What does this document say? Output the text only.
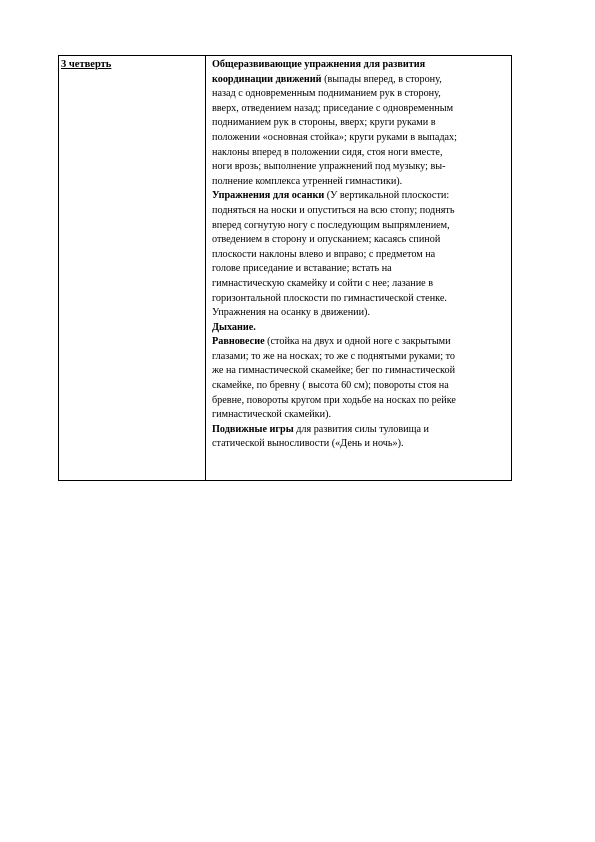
3 четверть	Общеразвивающие упражнения для развития
координации движений (выпады вперед, в сторону,
назад с одновременным подниманием рук в сторону,
вверх, отведением назад; приседание с одновременным
подниманием рук в стороны, вверх; круги руками в
положении «основная стойка»; круги руками в выпадах;
наклоны вперед в положении сидя, стоя ноги вместе,
ноги врозь; выполнение упражнений под музыку; вы-
полнение комплекса утренней гимнастики).
Упражнения для осанки (У вертикальной плоскости:
подняться на носки и опуститься на всю стопу; поднять
вперед согнутую ногу с последующим выпрямлением,
отведением в сторону и опусканием; касаясь спиной
плоскости наклоны влево и вправо; с предметом на
голове приседание и вставание; встать на
гимнастическую скамейку и сойти с нее; лазание в
горизонтальной плоскости по гимнастической стенке.
Упражнения на осанку в движении).
Дыхание.
Равновесие (стойка на двух и одной ноге с закрытыми
глазами; то же на носках; то же с поднятыми руками; то
же на гимнастической скамейке; бег по гимнастической
скамейке, по бревну ( высота 60 см); повороты стоя на
бревне, повороты кругом при ходьбе на носках по рейке
гимнастической скамейки).
Подвижные игры для развития силы туловища и
статической выносливости («День и ночь»).
